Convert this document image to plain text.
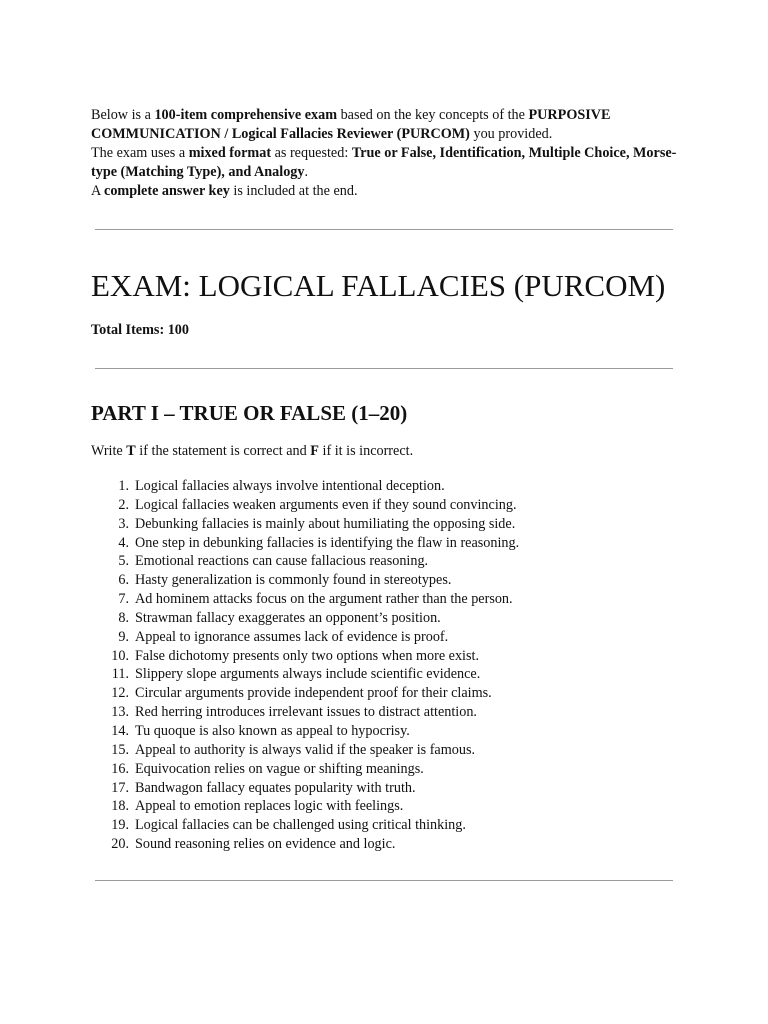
Below is a 100-item comprehensive exam based on the key concepts of the PURPOSIVE COMMUNICATION / Logical Fallacies Reviewer (PURCOM) you provided.

The exam uses a mixed format as requested: True or False, Identification, Multiple Choice, Morse-type (Matching Type), and Analogy.

A complete answer key is included at the end.

EXAM: LOGICAL FALLACIES (PURCOM)
Total Items: 100
PART I – TRUE OR FALSE (1–20)
Write T if the statement is correct and F if it is incorrect.
1. Logical fallacies always involve intentional deception.
2. Logical fallacies weaken arguments even if they sound convincing.
3. Debunking fallacies is mainly about humiliating the opposing side.
4. One step in debunking fallacies is identifying the flaw in reasoning.
5. Emotional reactions can cause fallacious reasoning.
6. Hasty generalization is commonly found in stereotypes.
7. Ad hominem attacks focus on the argument rather than the person.
8. Strawman fallacy exaggerates an opponent’s position.
9. Appeal to ignorance assumes lack of evidence is proof.
10. False dichotomy presents only two options when more exist.
11. Slippery slope arguments always include scientific evidence.
12. Circular arguments provide independent proof for their claims.
13. Red herring introduces irrelevant issues to distract attention.
14. Tu quoque is also known as appeal to hypocrisy.
15. Appeal to authority is always valid if the speaker is famous.
16. Equivocation relies on vague or shifting meanings.
17. Bandwagon fallacy equates popularity with truth.
18. Appeal to emotion replaces logic with feelings.
19. Logical fallacies can be challenged using critical thinking.
20. Sound reasoning relies on evidence and logic.
